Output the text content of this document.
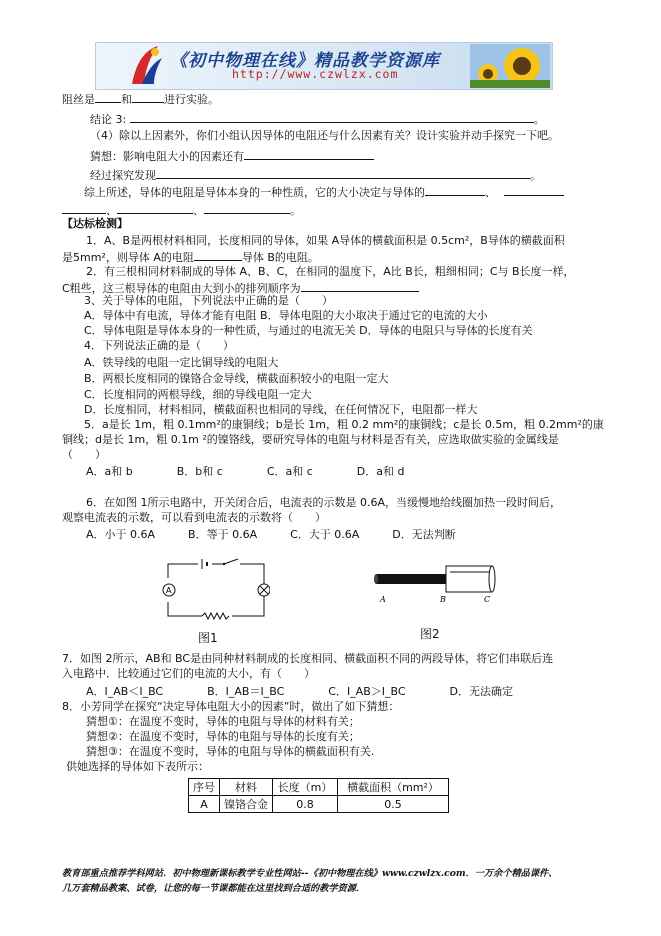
《初中物理在线》精品教学资源库
http://www.czwlzx.com
阻丝是 和	进行实验。
结论 3:	。
（4）除以上因素外，你们小组认因导体的电阻还与什么因素有关？设计实验并动手探究一下吧。
猜想：影响电阻大小的因素还有
经过探究发现	。
综上所述，导体的电阻是导体本身的一种性质，它的大小决定与导体的	、
、	、	。
【达标检测】
1．A、B是两根材料相同，长度相同的导体，如果 A导体的横截面积是 0.5cm²，B导体的横截面积
是5mm²，则导体 A的电阻	导体 B的电阻。
2．有三根相同材料制成的导体 A、B、C，在相同的温度下，A比 B长，粗细相同；C与 B长度一样，
C粗些，这三根导体的电阻由大到小的排列顺序为
3、关于导体的电阻，下列说法中正确的是（　　）
A．导体中有电流，导体才能有电阻 B．导体电阻的大小取决于通过它的电流的大小
C．导体电阻是导体本身的一种性质，与通过的电流无关 D．导体的电阻只与导体的长度有关
4．下列说法正确的是（　　）
A．铁导线的电阻一定比铜导线的电阻大
B．两根长度相同的镍铬合金导线，横截面积较小的电阻一定大
C．长度相同的两根导线，细的导线电阻一定大
D．长度相同，材料相同，横截面积也相同的导线，在任何情况下，电阻都一样大
5．a是长 1m，粗 0.1mm²的康铜线；b是长 1m，粗 0.2 mm²的康铜线；c是长 0.5m，粗 0.2mm²的康
铜线；d是长 1m，粗 0.1m ²的镍铬线，要研究导体的电阻与材料是否有关，应选取做实验的金属线是
（　　）
A．a和 b　　　　B．b和 c　　　　C．a和 c　　　　D．a和 d
6．在如图 1所示电路中，开关闭合后，电流表的示数是 0.6A，当缓慢地给线圈加热一段时间后，
观察电流表的示数，可以看到电流表的示数将（　　）
A．小于 0.6A　　　B．等于 0.6A　　　C．大于 0.6A　　　D．无法判断
A
图1
A	B	C
图2
7．如图 2所示，AB和 BC是由同种材料制成的长度相同、横截面积不同的两段导体，将它们串联后连
入电路中．比较通过它们的电流的大小，有（　　）
A．I_AB＜I_BC　　　　B．I_AB＝I_BC　　　　C．I_AB＞I_BC　　　　D．无法确定
8．小芳同学在探究“决定导体电阻大小的因素”时，做出了如下猜想：
猜想①：在温度不变时，导体的电阻与导体的材料有关；
猜想②：在温度不变时，导体的电阻与导体的长度有关；
猜想③：在温度不变时，导体的电阻与导体的横截面积有关.
供她选择的导体如下表所示：
序号	材料	长度（m）	横截面积（mm²）
A	镍铬合金	0.8	0.5
教育部重点推荐学科网站．初中物理新课标教学专业性网站--《初中物理在线》www.czwlzx.com．一万余个精品课件、
几万套精品教案、试卷，让您的每一节课都能在这里找到合适的教学资源．
